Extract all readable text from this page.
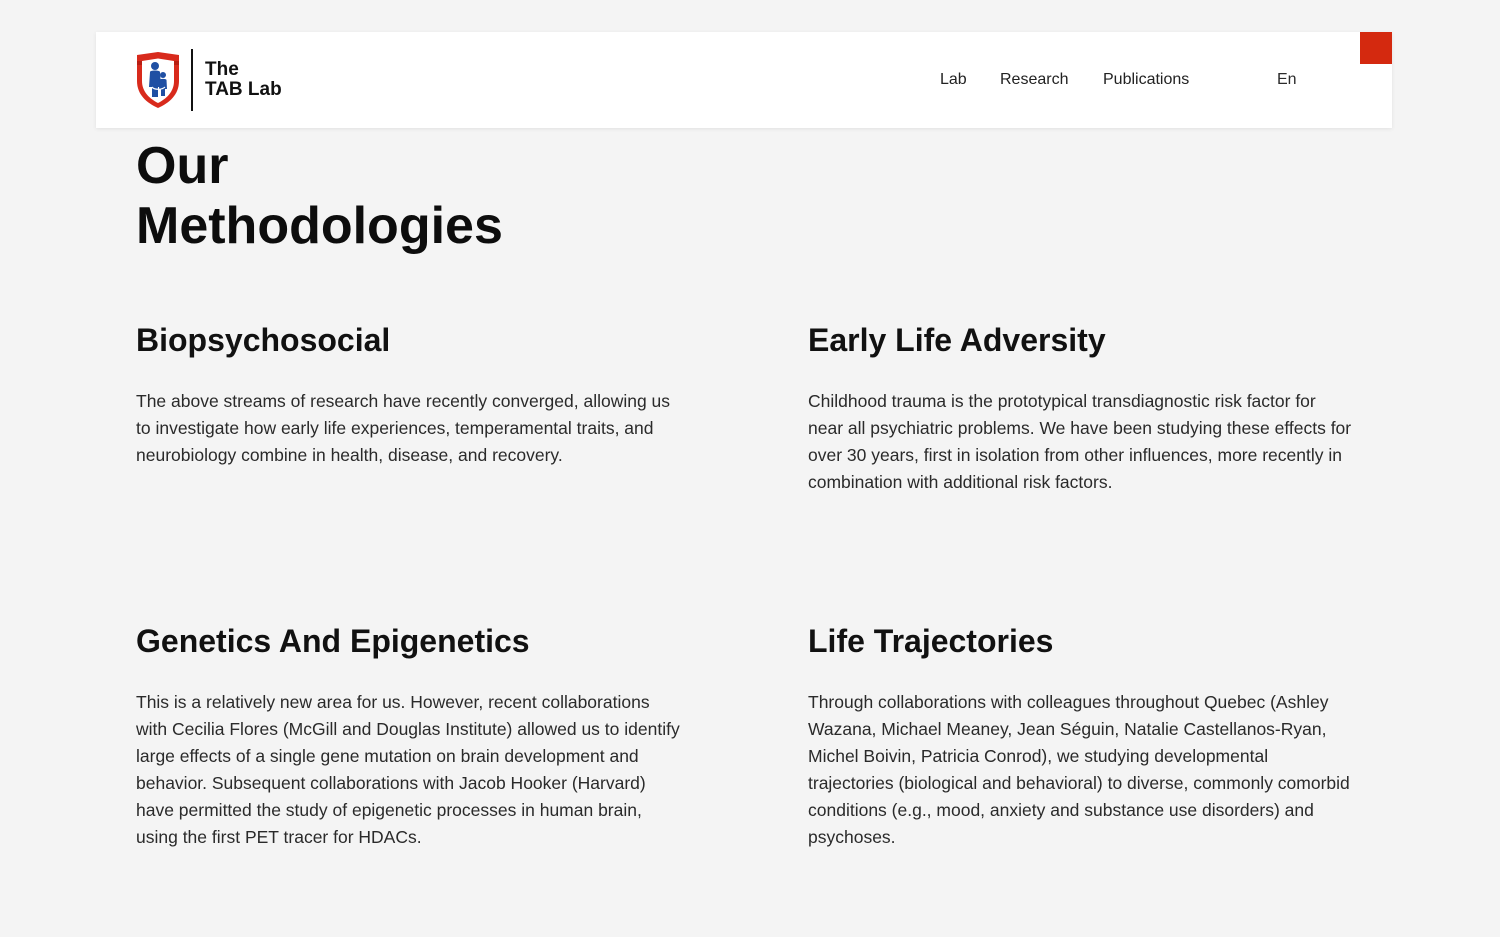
The
TAB Lab	Lab Research Publications	En
Our
Methodologies
Biopsychosocial

The above streams of research have recently converged, allowing us to investigate how early life experiences, temperamental traits, and neurobiology combine in health, disease, and recovery.

Early Life Adversity

Childhood trauma is the prototypical transdiagnostic risk factor for near all psychiatric problems. We have been studying these effects for over 30 years, first in isolation from other influences, more recently in combination with additional risk factors.

Genetics And Epigenetics

This is a relatively new area for us. However, recent collaborations with Cecilia Flores (McGill and Douglas Institute) allowed us to identify large effects of a single gene mutation on brain development and behavior. Subsequent collaborations with Jacob Hooker (Harvard) have permitted the study of epigenetic processes in human brain, using the first PET tracer for HDACs.

Life Trajectories

Through collaborations with colleagues throughout Quebec (Ashley Wazana, Michael Meaney, Jean Séguin, Natalie Castellanos-Ryan, Michel Boivin, Patricia Conrod), we studying developmental trajectories (biological and behavioral) to diverse, commonly comorbid conditions (e.g., mood, anxiety and substance use disorders) and psychoses.
